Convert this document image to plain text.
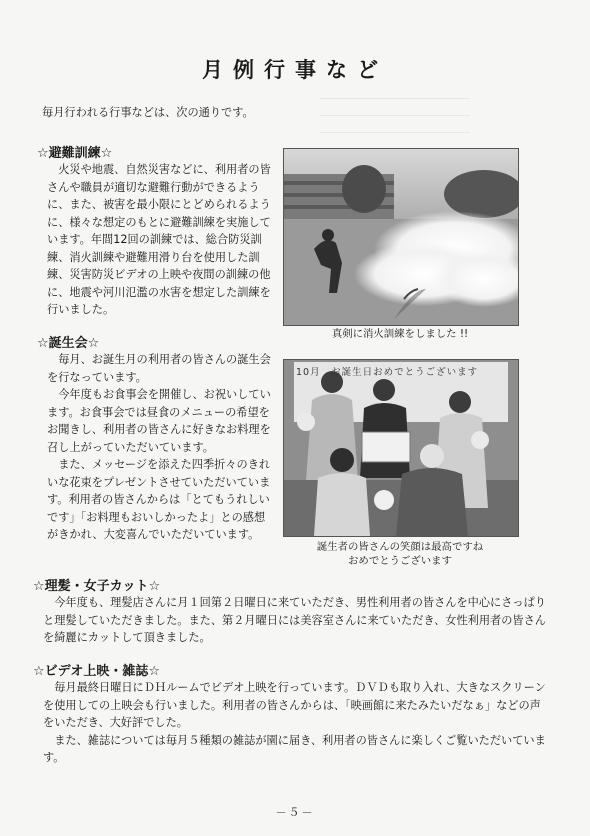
月例行事など
毎月行われる行事などは、次の通りです。
☆避難訓練☆

火災や地震、自然災害などに、利用者の皆さんや職員が適切な避難行動ができるように、また、被害を最小限にとどめられるように、様々な想定のもとに避難訓練を実施しています。年間12回の訓練では、総合防災訓練、消火訓練や避難用滑り台を使用した訓練、災害防災ビデオの上映や夜間の訓練の他に、地震や河川氾濫の水害を想定した訓練を行いました。

真剣に消火訓練をしました !!
☆誕生会☆

毎月、お誕生月の利用者の皆さんの誕生会を行なっています。

今年度もお食事会を開催し、お祝いしています。お食事会では昼食のメニューの希望をお聞きし、利用者の皆さんに好きなお料理を召し上がっていただいています。

また、メッセージを添えた四季折々のきれいな花束をプレゼントさせていただいています。利用者の皆さんからは「とてもうれしいです」「お料理もおいしかったよ」との感想がきかれ、大変喜んでいただいています。

10月　お誕生日おめでとうございます
誕生者の皆さんの笑顔は最高ですね
おめでとうございます
☆理髪・女子カット☆

今年度も、理髪店さんに月１回第２日曜日に来ていただき、男性利用者の皆さんを中心にさっぱりと理髪していただきました。また、第２月曜日には美容室さんに来ていただき、女性利用者の皆さんを綺麗にカットして頂きました。

☆ビデオ上映・雑誌☆

毎月最終日曜日にＤＨルームでビデオ上映を行っています。ＤＶＤも取り入れ、大きなスクリーンを使用しての上映会も行いました。利用者の皆さんからは、「映画館に来たみたいだなぁ」などの声をいただき、大好評でした。

また、雑誌については毎月５種類の雑誌が園に届き、利用者の皆さんに楽しくご覧いただいています。

－５－
